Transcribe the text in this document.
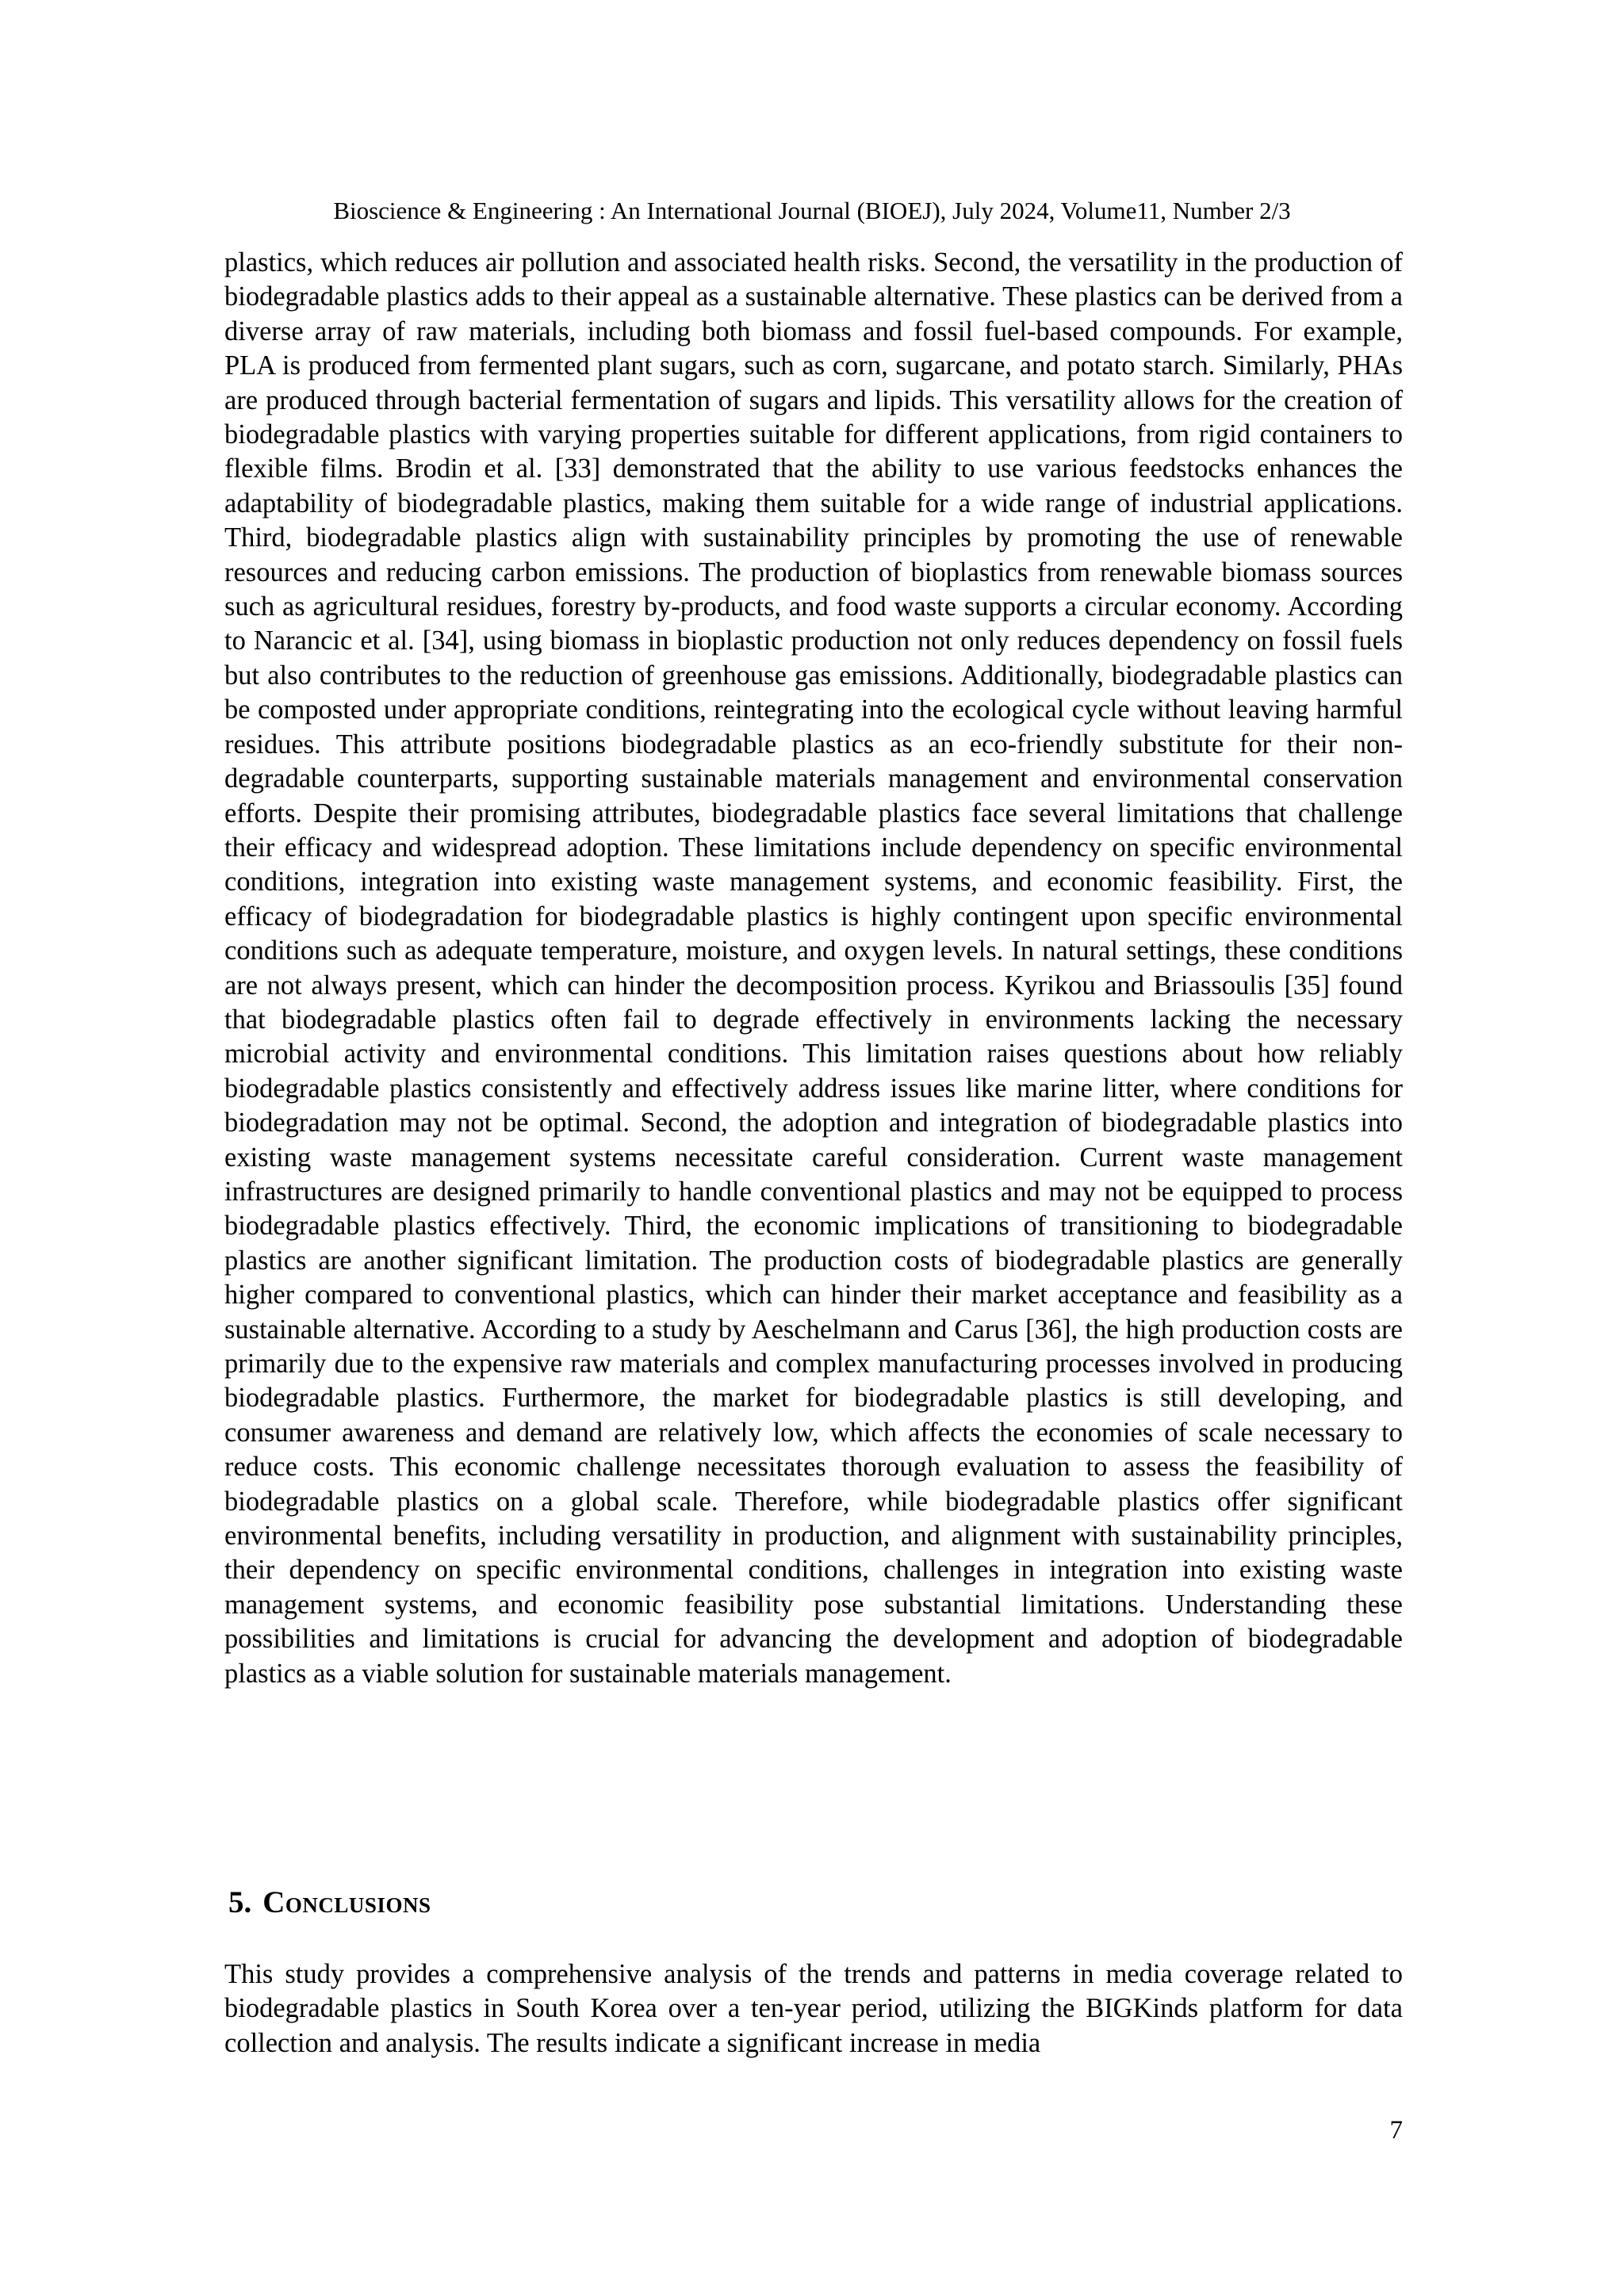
Bioscience & Engineering : An International Journal (BIOEJ), July 2024, Volume11, Number 2/3

plastics, which reduces air pollution and associated health risks. Second, the versatility in the production of biodegradable plastics adds to their appeal as a sustainable alternative. These plastics can be derived from a diverse array of raw materials, including both biomass and fossil fuel-based compounds. For example, PLA is produced from fermented plant sugars, such as corn, sugarcane, and potato starch. Similarly, PHAs are produced through bacterial fermentation of sugars and lipids. This versatility allows for the creation of biodegradable plastics with varying properties suitable for different applications, from rigid containers to flexible films. Brodin et al. [33] demonstrated that the ability to use various feedstocks enhances the adaptability of biodegradable plastics, making them suitable for a wide range of industrial applications. Third, biodegradable plastics align with sustainability principles by promoting the use of renewable resources and reducing carbon emissions. The production of bioplastics from renewable biomass sources such as agricultural residues, forestry by-products, and food waste supports a circular economy. According to Narancic et al. [34], using biomass in bioplastic production not only reduces dependency on fossil fuels but also contributes to the reduction of greenhouse gas emissions. Additionally, biodegradable plastics can be composted under appropriate conditions, reintegrating into the ecological cycle without leaving harmful residues. This attribute positions biodegradable plastics as an eco-friendly substitute for their non-degradable counterparts, supporting sustainable materials management and environmental conservation efforts. Despite their promising attributes, biodegradable plastics face several limitations that challenge their efficacy and widespread adoption. These limitations include dependency on specific environmental conditions, integration into existing waste management systems, and economic feasibility. First, the efficacy of biodegradation for biodegradable plastics is highly contingent upon specific environmental conditions such as adequate temperature, moisture, and oxygen levels. In natural settings, these conditions are not always present, which can hinder the decomposition process. Kyrikou and Briassoulis [35] found that biodegradable plastics often fail to degrade effectively in environments lacking the necessary microbial activity and environmental conditions. This limitation raises questions about how reliably biodegradable plastics consistently and effectively address issues like marine litter, where conditions for biodegradation may not be optimal. Second, the adoption and integration of biodegradable plastics into existing waste management systems necessitate careful consideration. Current waste management infrastructures are designed primarily to handle conventional plastics and may not be equipped to process biodegradable plastics effectively. Third, the economic implications of transitioning to biodegradable plastics are another significant limitation. The production costs of biodegradable plastics are generally higher compared to conventional plastics, which can hinder their market acceptance and feasibility as a sustainable alternative. According to a study by Aeschelmann and Carus [36], the high production costs are primarily due to the expensive raw materials and complex manufacturing processes involved in producing biodegradable plastics. Furthermore, the market for biodegradable plastics is still developing, and consumer awareness and demand are relatively low, which affects the economies of scale necessary to reduce costs. This economic challenge necessitates thorough evaluation to assess the feasibility of biodegradable plastics on a global scale. Therefore, while biodegradable plastics offer significant environmental benefits, including versatility in production, and alignment with sustainability principles, their dependency on specific environmental conditions, challenges in integration into existing waste management systems, and economic feasibility pose substantial limitations. Understanding these possibilities and limitations is crucial for advancing the development and adoption of biodegradable plastics as a viable solution for sustainable materials management.

5. Conclusions

This study provides a comprehensive analysis of the trends and patterns in media coverage related to biodegradable plastics in South Korea over a ten-year period, utilizing the BIGKinds platform for data collection and analysis. The results indicate a significant increase in media

7
